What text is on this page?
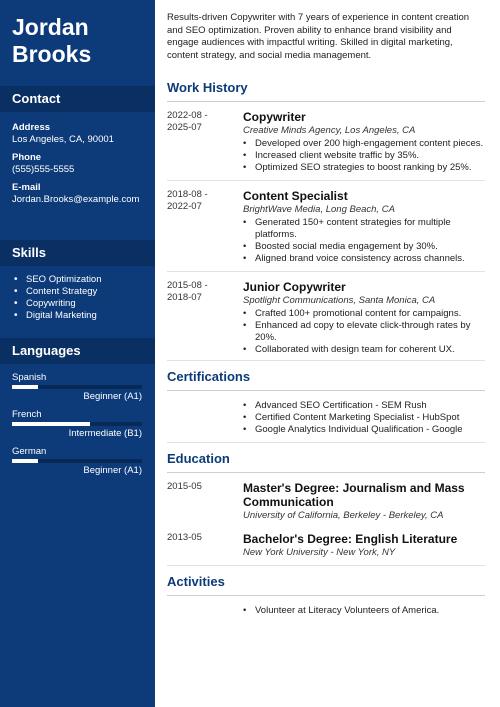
Jordan
Brooks
Contact
Address
Los Angeles, CA, 90001
Phone
(555)555-5555
E-mail
Jordan.Brooks@example.com
Skills
• SEO Optimization
• Content Strategy
• Copywriting
• Digital Marketing
Languages
Spanish
Beginner (A1)
French
Intermediate (B1)
German
Beginner (A1)

Results-driven Copywriter with 7 years of experience in content creation and SEO optimization. Proven ability to enhance brand visibility and engage audiences with impactful writing. Skilled in digital marketing, content strategy, and social media management.

Work History
2022-08 -
2025-07
Copywriter
Creative Minds Agency, Los Angeles, CA
• Developed over 200 high-engagement content pieces.
• Increased client website traffic by 35%.
• Optimized SEO strategies to boost ranking by 25%.
2018-08 -
2022-07
Content Specialist
BrightWave Media, Long Beach, CA
• Generated 150+ content strategies for multiple platforms.
• Boosted social media engagement by 30%.
• Aligned brand voice consistency across channels.
2015-08 -
2018-07
Junior Copywriter
Spotlight Communications, Santa Monica, CA
• Crafted 100+ promotional content for campaigns.
• Enhanced ad copy to elevate click-through rates by 20%.
• Collaborated with design team for coherent UX.
Certifications
• Advanced SEO Certification - SEM Rush
• Certified Content Marketing Specialist - HubSpot
• Google Analytics Individual Qualification - Google
Education
2015-05	Master's Degree: Journalism and Mass Communication
University of California, Berkeley - Berkeley, CA
2013-05	Bachelor's Degree: English Literature
New York University - New York, NY
Activities
• Volunteer at Literacy Volunteers of America.
